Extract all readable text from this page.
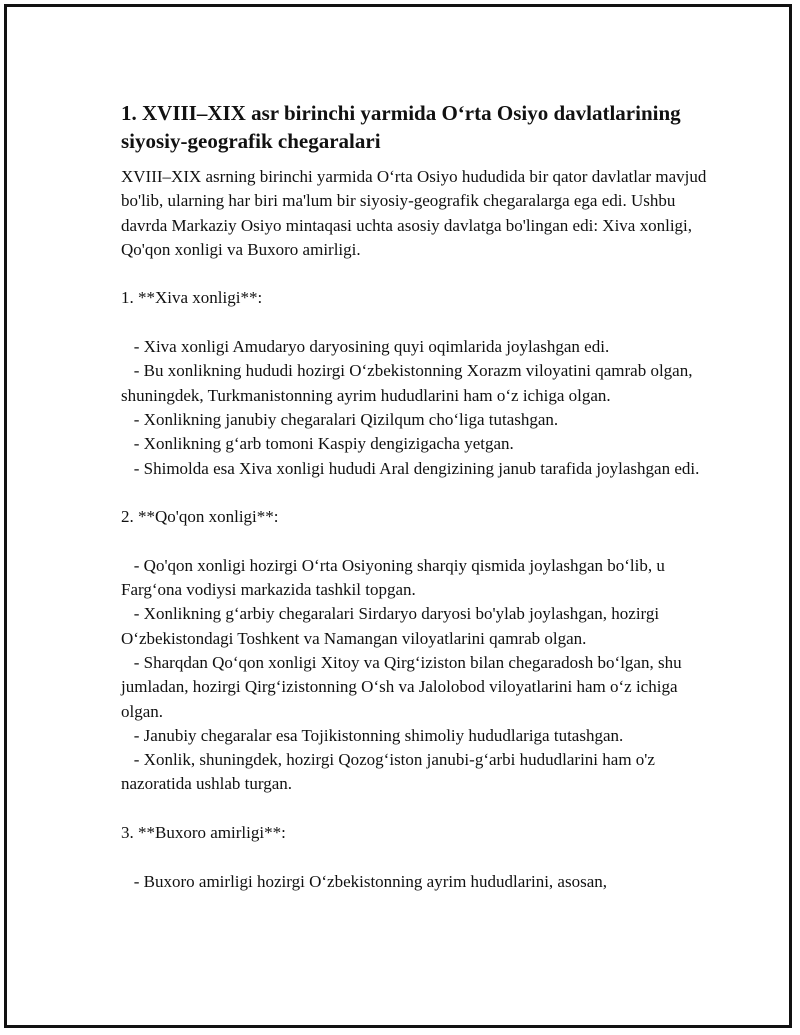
1. XVIII–XIX asr birinchi yarmida O‘rta Osiyo davlatlarining siyosiy-geografik chegaralari

XVIII–XIX asrning birinchi yarmida O‘rta Osiyo hududida bir qator davlatlar mavjud bo'lib, ularning har biri ma'lum bir siyosiy-geografik chegaralarga ega edi. Ushbu davrda Markaziy Osiyo mintaqasi uchta asosiy davlatga bo'lingan edi: Xiva xonligi, Qo'qon xonligi va Buxoro amirligi.

1. **Xiva xonligi**:

- Xiva xonligi Amudaryo daryosining quyi oqimlarida joylashgan edi.

- Bu xonlikning hududi hozirgi O‘zbekistonning Xorazm viloyatini qamrab olgan, shuningdek, Turkmanistonning ayrim hududlarini ham o‘z ichiga olgan.

- Xonlikning janubiy chegaralari Qizilqum cho‘liga tutashgan.

- Xonlikning g‘arb tomoni Kaspiy dengizigacha yetgan.

- Shimolda esa Xiva xonligi hududi Aral dengizining janub tarafida joylashgan edi.

2. **Qo'qon xonligi**:

- Qo'qon xonligi hozirgi O‘rta Osiyoning sharqiy qismida joylashgan bo‘lib, u Farg‘ona vodiysi markazida tashkil topgan.

- Xonlikning g‘arbiy chegaralari Sirdaryo daryosi bo'ylab joylashgan, hozirgi O‘zbekistondagi Toshkent va Namangan viloyatlarini qamrab olgan.

- Sharqdan Qo‘qon xonligi Xitoy va Qirg‘iziston bilan chegaradosh bo‘lgan, shu jumladan, hozirgi Qirg‘izistonning O‘sh va Jalolobod viloyatlarini ham o‘z ichiga olgan.

- Janubiy chegaralar esa Tojikistonning shimoliy hududlariga tutashgan.

- Xonlik, shuningdek, hozirgi Qozog‘iston janubi-g‘arbi hududlarini ham o'z nazoratida ushlab turgan.

3. **Buxoro amirligi**:

- Buxoro amirligi hozirgi O‘zbekistonning ayrim hududlarini, asosan,
